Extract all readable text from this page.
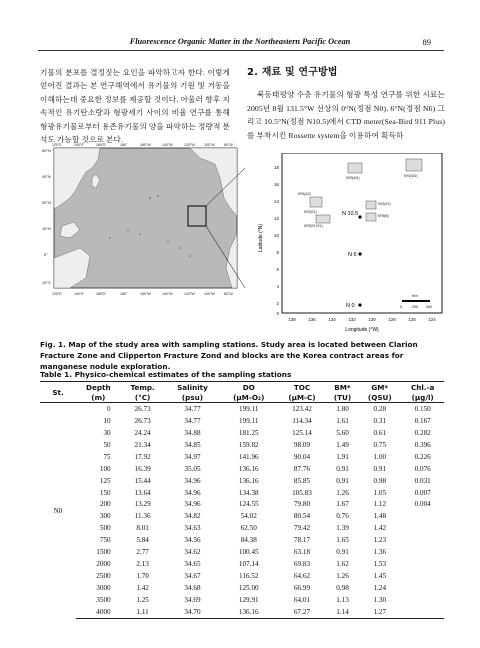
Fluorescence Organic Matter in the Northeastern Pacific Ocean	89
기물의 분포를 결정짓는 요인을 파악하고자 한다. 이렇게 얻어진 결과는 본 연구해역에서 유기물의 기원 및 거동을 이해하는데 중요한 정보를 제공할 것이다. 아울러 향후 지속적인 유기탄소량과 형광세기 사이의 비율 연구를 통해 형광유기물로부터 용존유기물의 양을 파악하는 정량적 분석도 가능할 것으로 본다.
2. 재료 및 연구방법

북동태평양 수층 유기물의 형광 특성 연구를 위한 시료는 2005년 8월 131.5°W 선상의 0°N(정점 N0), 6°N(정점 N6) 그리고 10.5°N(정점 N10.5)에서 CTD meter(Sea-Bird 911 Plus)를 부착시킨 Rossette system을 이용하여 획득하

60°N
45°N
30°N
15°N
0°
15°S
120°E	140°E	160°E	180°	160°W	140°W	120°W	100°W	80°W
120°E	140°E	160°E	180°	160°W	140°W	120°W	100°W	80°W
18
16
14
12
10
8
6
4
2
0
Latitude (°N)
138	136	134	132	130	128	126	124
Longitude (°W)
KR3(W1)	KR1(W2)
KR1(E1)
KR4(A2)
KR5(B)
KR2(E1)
KR2(E1+E1)
N 10.5
N 6
N 0
Km
0	200 400
Fig. 1. Map of the study area with sampling stations. Study area is located between Clarion Fracture Zone and Clipperton Fracture Zond and blocks are the Korea contract areas for manganese nodule exploration.
Table 1. Physico-chemical estimates of the sampling stations
St.	Depth	Temp.	Salinity	DO	TOC	BM*	GM*	Chl.-a
	(m)	(°C)	(psu)	(μM-O₂)	(μM-C)	(TU)	(QSU)	(μg/l)
N0	0	26.73	34.77	199.11	123.42	1.80	0.28	0.150
	10	26.73	34.77	199.11	114.34	1.61	0.31	0.167
	30	24.24	34.88	181.25	125.14	5.60	0.61	0.282
	50	21.34	34.85	159.82	98.09	1.49	0.75	0.396
	75	17.92	34.97	141.96	90.04	1.91	1.00	0.226
	100	16.39	35.05	136.16	87.76	0.91	0.91	0.076
	125	15.44	34.96	136.16	85.85	0.91	0.98	0.031
	150	13.64	34.96	134.38	105.83	1.26	1.05	0.007
	200	13.29	34.96	124.55	79.80	1.67	1.12	0.004
	300	11.36	34.82	54.02	80.54	0.76	1.48	
	500	8.01	34.63	62.50	79.42	1.39	1.42	
	750	5.84	34.56	84.38	78.17	1.65	1.23	
	1500	2.77	34.62	100.45	63.18	0.91	1.36	
	2000	2.13	34.65	107.14	69.83	1.62	1.53	
	2500	1.70	34.67	116.52	64.62	1.26	1.45	
	3000	1.42	34.68	125.00	66.99	0.98	1.24	
	3500	1.25	34.69	129.91	64.01	1.13	1.30	
	4000	1.11	34.70	136.16	67.27	1.14	1.27	
